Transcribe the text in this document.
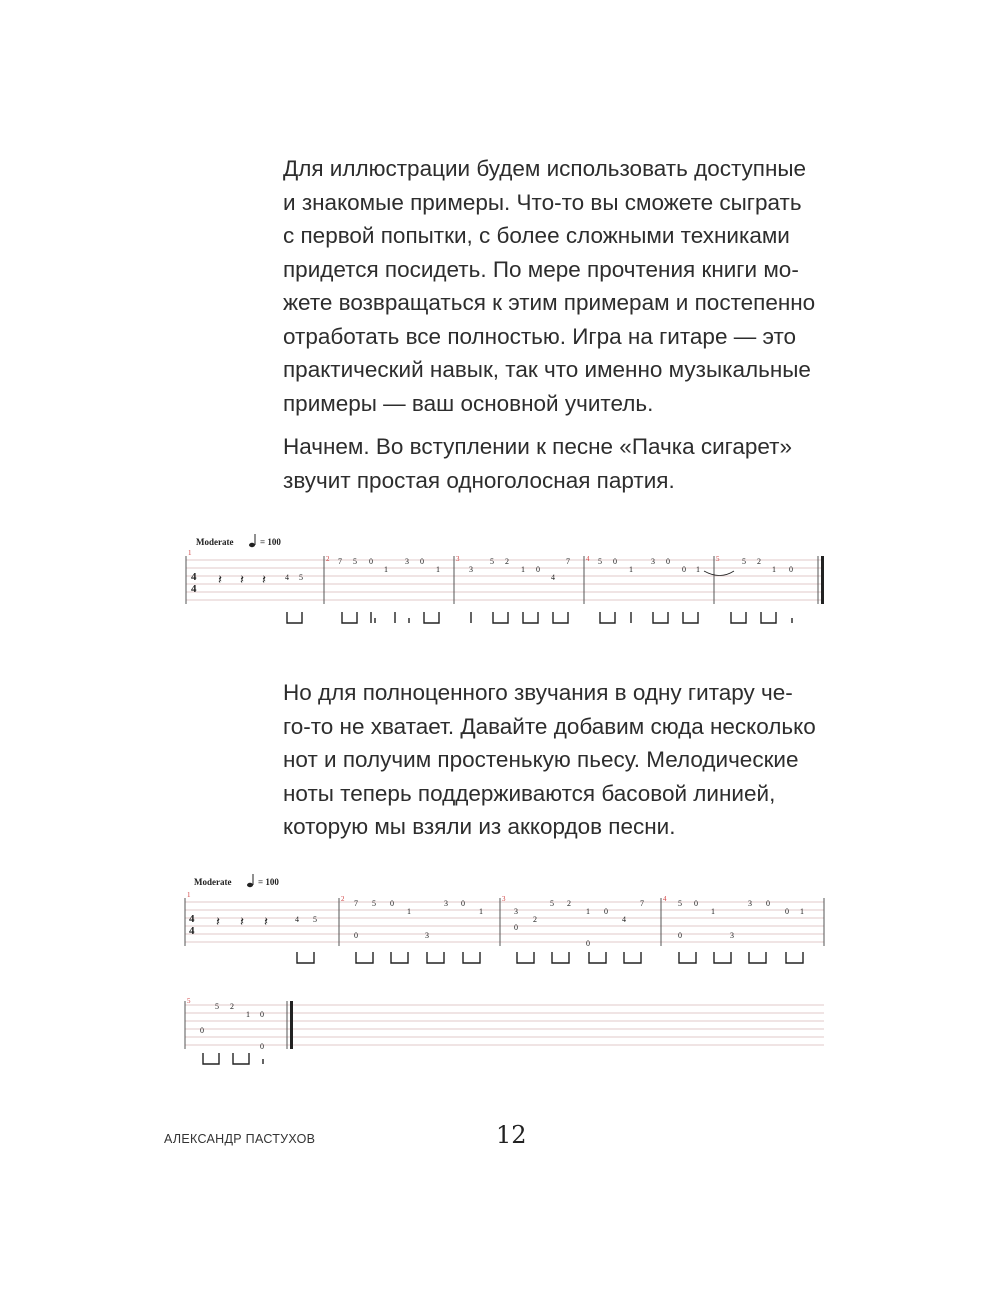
Для иллюстрации будем использовать доступные
и знакомые примеры. Что-то вы сможете сыграть
с первой попытки, с более сложными техниками
придется посидеть. По мере прочтения книги мо-
жете возвращаться к этим примерам и постепенно
отработать все полностью. Игра на гитаре — это
практический навык, так что именно музыкальные
примеры — ваш основной учитель.
Начнем. Во вступлении к песне «Пачка сигарет»
звучит простая одноголосная партия.
Moderate	= 100
1
2	3	4	5
4
4
𝄽 𝄽 𝄽 4 5
7 5 0
1
3 0
1	3
5 2
1 0
4
7	5 0
1
3 0
0 1
5 2
1 0
Но для полноценного звучания в одну гитару че-
го-то не хватает. Давайте добавим сюда несколько
нот и получим простенькую пьесу. Мелодические
ноты теперь поддерживаются басовой линией,
которую мы взяли из аккордов песни.
Moderate	= 100
1	2	3	4
5
4
4
𝄽 𝄽 𝄽	4 5
7 5 0
1
3 0
1
0	3
3
2
5 2
1 0
4
7
0
0
5 0
1
3 0
0 1
0	3
5 2
1 0
0
0
АЛЕКСАНДР ПАСТУХОВ	12
